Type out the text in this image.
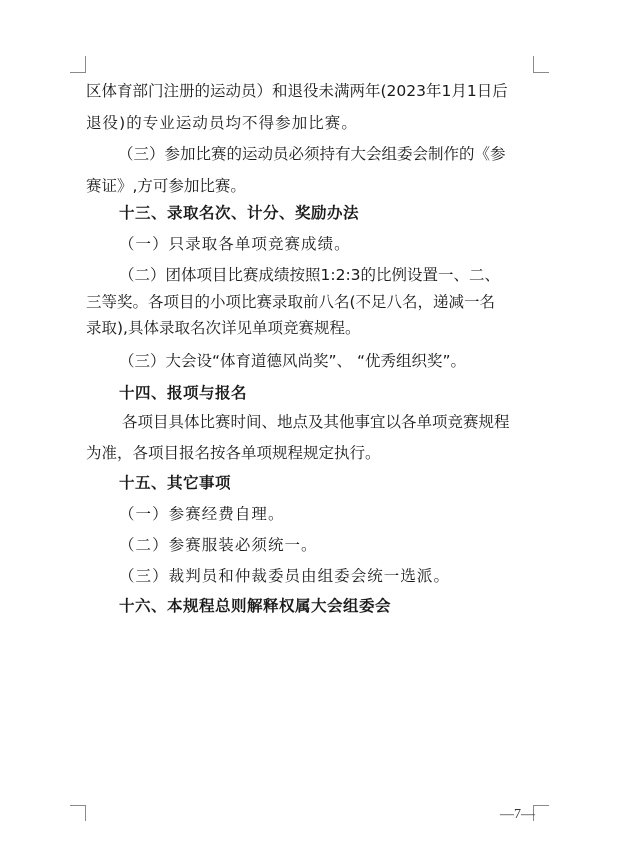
区体育部门注册的运动员）和退役未满两年(2023年1月1日后
退役)的专业运动员均不得参加比赛。
（三）参加比赛的运动员必须持有大会组委会制作的《参
赛证》,方可参加比赛。
十三、录取名次、计分、奖励办法
（一）只录取各单项竞赛成绩。
（二）团体项目比赛成绩按照1:2:3的比例设置一、二、
三等奖。各项目的小项比赛录取前八名(不足八名，递减一名
录取),具体录取名次详见单项竞赛规程。
（三）大会设“体育道德风尚奖”、 “优秀组织奖”。
十四、报项与报名
各项目具体比赛时间、地点及其他事宜以各单项竞赛规程
为准，各项目报名按各单项规程规定执行。
十五、其它事项
（一）参赛经费自理。
（二）参赛服装必须统一。
（三）裁判员和仲裁委员由组委会统一选派。
十六、本规程总则解释权属大会组委会
—7—
